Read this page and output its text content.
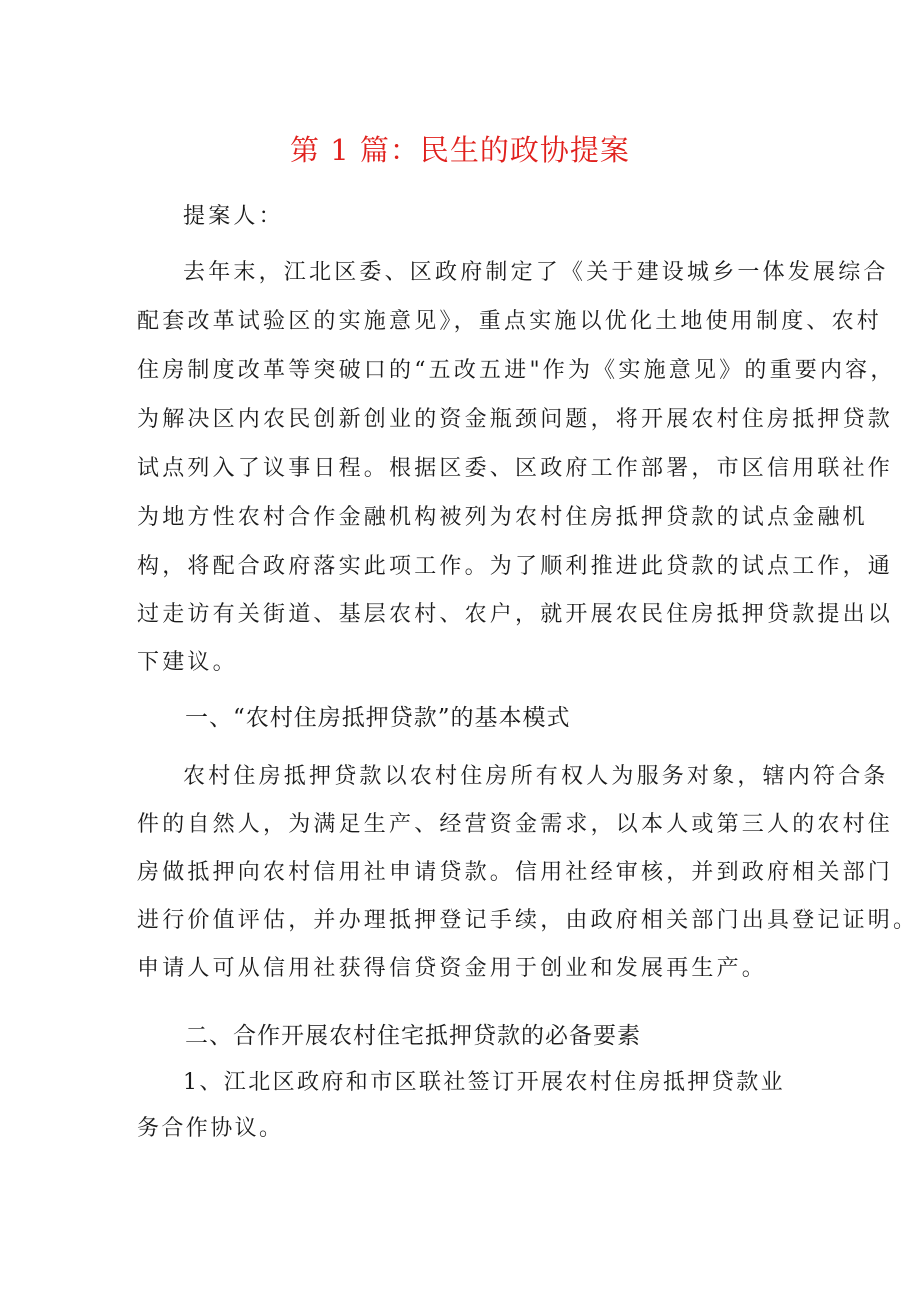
第 1 篇：民生的政协提案
提案人：
去年末，江北区委、区政府制定了《关于建设城乡一体发展综合
配套改革试验区的实施意见》，重点实施以优化土地使用制度、农村
住房制度改革等突破口的“五改五进"作为《实施意见》的重要内容，
为解决区内农民创新创业的资金瓶颈问题，将开展农村住房抵押贷款
试点列入了议事日程。根据区委、区政府工作部署，市区信用联社作
为地方性农村合作金融机构被列为农村住房抵押贷款的试点金融机
构，将配合政府落实此项工作。为了顺利推进此贷款的试点工作，通
过走访有关街道、基层农村、农户，就开展农民住房抵押贷款提出以
下建议。
一、“农村住房抵押贷款”的基本模式
农村住房抵押贷款以农村住房所有权人为服务对象，辖内符合条
件的自然人，为满足生产、经营资金需求，以本人或第三人的农村住
房做抵押向农村信用社申请贷款。信用社经审核，并到政府相关部门
进行价值评估，并办理抵押登记手续，由政府相关部门出具登记证明。
申请人可从信用社获得信贷资金用于创业和发展再生产。
二、合作开展农村住宅抵押贷款的必备要素
1、江北区政府和市区联社签订开展农村住房抵押贷款业
务合作协议。
